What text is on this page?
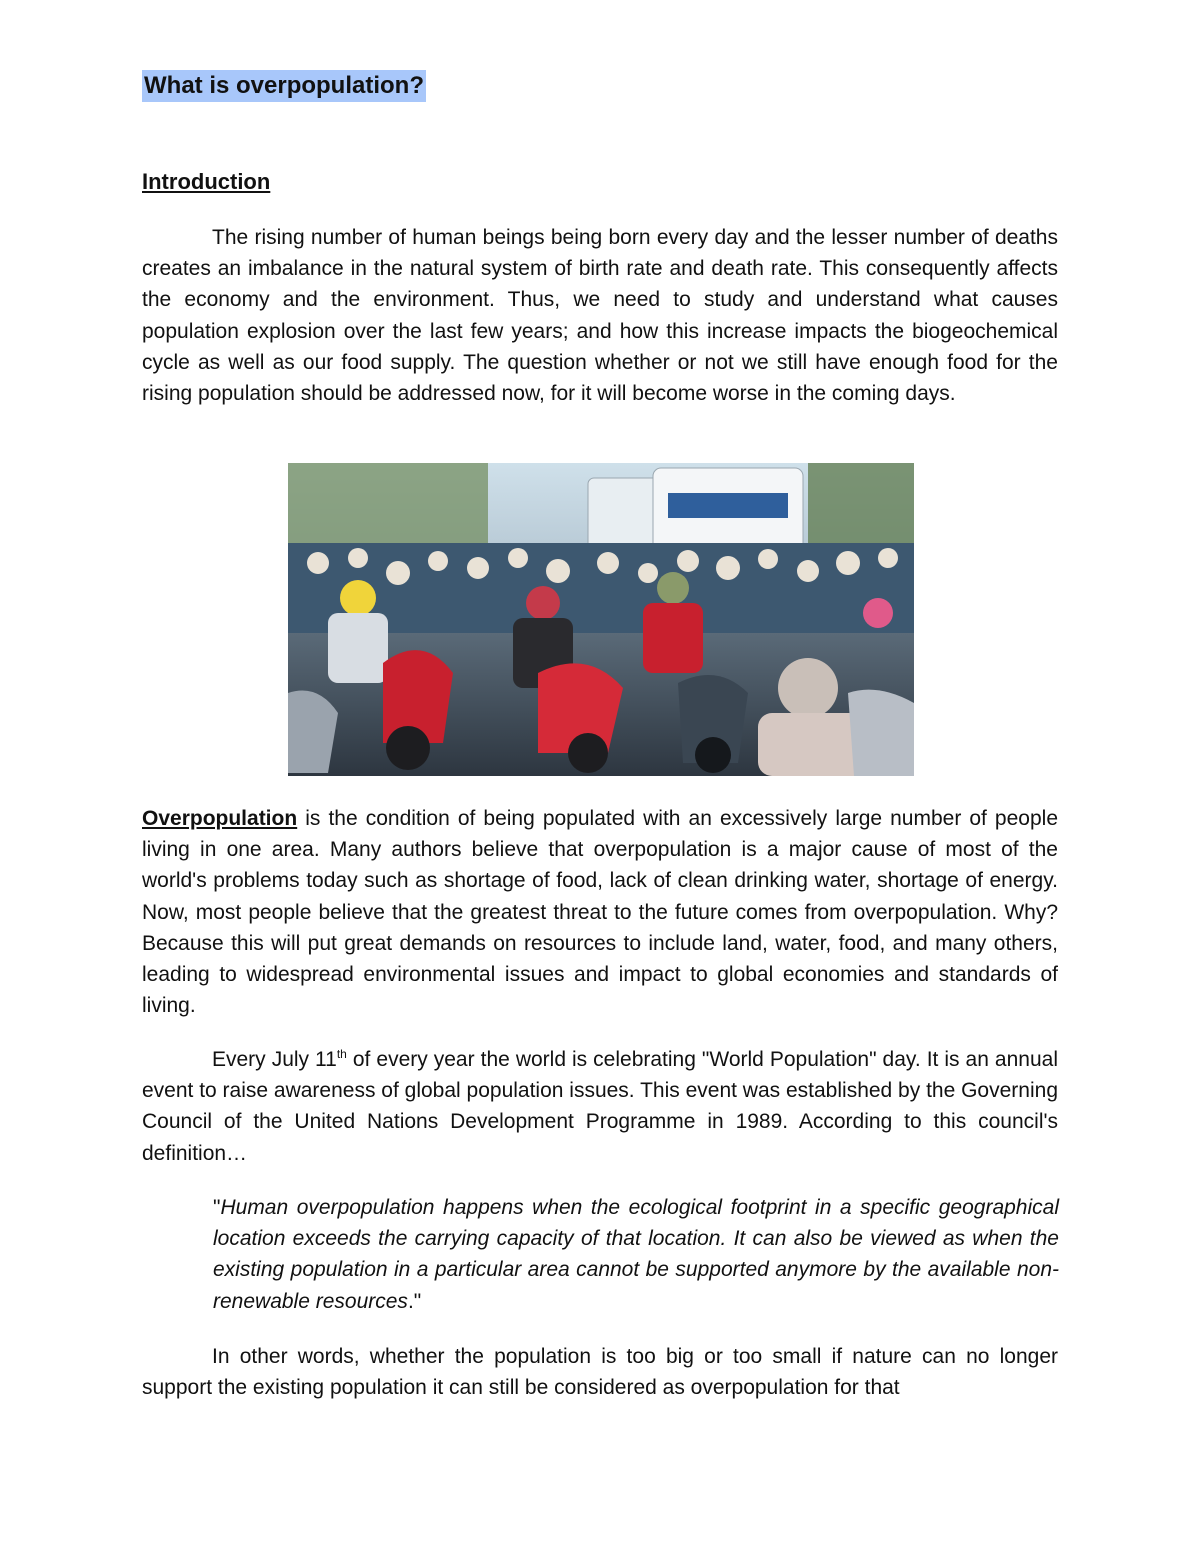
What is overpopulation?
Introduction

The rising number of human beings being born every day and the lesser number of deaths creates an imbalance in the natural system of birth rate and death rate. This consequently affects the economy and the environment. Thus, we need to study and understand what causes population explosion over the last few years; and how this increase impacts the biogeochemical cycle as well as our food supply. The question whether or not we still have enough food for the rising population should be addressed now, for it will become worse in the coming days.

Overpopulation is the condition of being populated with an excessively large number of people living in one area. Many authors believe that overpopulation is a major cause of most of the world's problems today such as shortage of food, lack of clean drinking water, shortage of energy. Now, most people believe that the greatest threat to the future comes from overpopulation. Why? Because this will put great demands on resources to include land, water, food, and many others, leading to widespread environmental issues and impact to global economies and standards of living.

Every July 11th of every year the world is celebrating "World Population" day. It is an annual event to raise awareness of global population issues. This event was established by the Governing Council of the United Nations Development Programme in 1989. According to this council's definition…

"Human overpopulation happens when the ecological footprint in a specific geographical location exceeds the carrying capacity of that location. It can also be viewed as when the existing population in a particular area cannot be supported anymore by the available non-renewable resources."

In other words, whether the population is too big or too small if nature can no longer support the existing population it can still be considered as overpopulation for that
